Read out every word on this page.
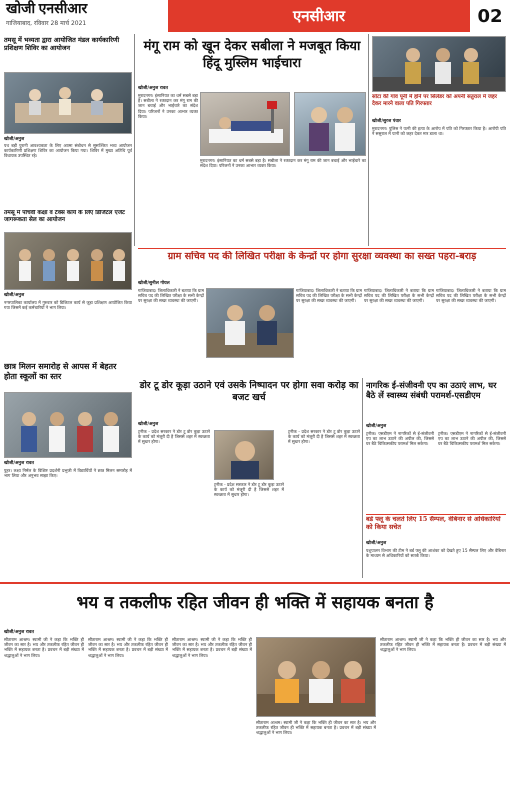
खोजी एनसीआर
गाजियाबाद, रविवार 28 मार्च 2021	एनसीआर	02
तमसू में भव्यता द्वारा आयोजित मंडल कार्यकारिणी प्रशिक्षण शिविर का आयोजन
खोजी/अनुज
पथ बड़ी पुरानी आवश्यकता के लिए आत्मा संबोधन से सुसज्जित भव्य आयोजन कार्यकारिणी प्रशिक्षण शिविर का आयोजन किया गया। शिविर में मुख्य अतिथि पूर्व विधायक उपस्थित रहे।
तमसू में पाँचवी कक्षा व टेक्स कार्य के लिए डिजिटल एजेंट जागरूकता सेल का आयोजन
मंगू राम को खून देकर सबीला ने मजबूत किया हिंदू मुस्लिम भाईचारा
खोजी/अनुज रावत
मुरादनगर। इंसानियत का धर्म सबसे बड़ा है। सबीला ने रक्तदान कर मंगू राम की जान बचाई और भाईचारे का संदेश दिया। परिजनों ने उनका आभार व्यक्त किया।
मुरादनगर। इंसानियत का धर्म सबसे बड़ा है। सबीला ने रक्तदान कर मंगू राम की जान बचाई और भाईचारे का संदेश दिया। परिजनों ने उनका आभार व्यक्त किया।
सोंटा की गांव पूनी में होने पर सिलेंडर को अपनी सतुराल में जहर देकर मारने वाला पति गिरफ्तार
खोजी/सुरज पंवार
मुरादनगर। पुलिस ने पत्नी की हत्या के आरोप में पति को गिरफ्तार किया है। आरोपी पति ने ससुराल में पत्नी को जहर देकर मार डाला था।
खोजी/अनुज
नगरपालिका कार्यालय में गुरुवार को डिजिटल कार्य से जुड़ा प्रशिक्षण आयोजित किया गया जिसमें कई कर्मचारियों ने भाग लिया।
ग्राम सचिव पद की लिखित परीक्षा के केन्द्रों पर होगा सुरक्षा व्यवस्था का सख्त पहरा-बराड़
खोजी/सुनील गोयल
गाजियाबाद। जिलाधिकारी ने बताया कि ग्राम सचिव पद की लिखित परीक्षा के सभी केन्द्रों पर सुरक्षा की सख्त व्यवस्था की जाएगी।
गाजियाबाद। जिलाधिकारी ने बताया कि ग्राम सचिव पद की लिखित परीक्षा के सभी केन्द्रों पर सुरक्षा की सख्त व्यवस्था की जाएगी।
गाजियाबाद। जिलाधिकारी ने बताया कि ग्राम सचिव पद की लिखित परीक्षा के सभी केन्द्रों पर सुरक्षा की सख्त व्यवस्था की जाएगी।
गाजियाबाद। जिलाधिकारी ने बताया कि ग्राम सचिव पद की लिखित परीक्षा के सभी केन्द्रों पर सुरक्षा की सख्त व्यवस्था की जाएगी।
छात्र मिलन समारोह से आपस में बेहतर होता स्कूलों का स्तर
खोजी/अनुज रावत
पुहर। लक्ष्य निर्मल के विशिष्ट प्रदर्शनी प्रभुजी में विद्यार्थियों ने छात्र मिलन समारोह में भाग लिया और अनुभव साझा किए।
डोर टू डोर कूड़ा उठाने एवं उसके निष्पादन पर होगा सवा करोड़ का बजट खर्च
खोजी/अनुज
ट्रनीक - प्रदेश सरकार ने डोर टू डोर कूड़ा उठाने के कार्य को मंजूरी दी है जिससे शहर में स्वच्छता में सुधार होगा।
ट्रनीक - प्रदेश सरकार ने डोर टू डोर कूड़ा उठाने के कार्य को मंजूरी दी है जिससे शहर में स्वच्छता में सुधार होगा।
ट्रनीक - प्रदेश सरकार ने डोर टू डोर कूड़ा उठाने के कार्य को मंजूरी दी है जिससे शहर में स्वच्छता में सुधार होगा।
नागरिक ई-संजीवनी एप का उठाएं लाभ, घर बैठे लें स्वास्थ्य संबंधी परामर्श-एसडीएम
खोजी/अनुज
ट्रनीक। एसडीएम ने नागरिकों से ई-संजीवनी एप का लाभ उठाने की अपील की, जिससे घर बैठे चिकित्सकीय परामर्श मिल सकेगा।
ट्रनीक। एसडीएम ने नागरिकों से ई-संजीवनी एप का लाभ उठाने की अपील की, जिससे घर बैठे चिकित्सकीय परामर्श मिल सकेगा।
बर्ड फ्लू के चलते लिए 15 सैम्पल, वेबिनार से अधिकारियों को किया सचेत
खोजी/अनुज
पशुपालन विभाग की टीम ने बर्ड फ्लू की आशंका को देखते हुए 15 सैम्पल लिए और वेबिनार के माध्यम से अधिकारियों को सतर्क किया।
भय व तकलीफ रहित जीवन ही भक्ति में सहायक बनता है
खोजी/अनुज रावत
सीताराम आश्रम। स्वामी जी ने कहा कि भक्ति ही जीवन का सार है। भय और तकलीफ रहित जीवन ही भक्ति में सहायक बनता है। प्रवचन में बड़ी संख्या में श्रद्धालुओं ने भाग लिया।
सीताराम आश्रम। स्वामी जी ने कहा कि भक्ति ही जीवन का सार है। भय और तकलीफ रहित जीवन ही भक्ति में सहायक बनता है। प्रवचन में बड़ी संख्या में श्रद्धालुओं ने भाग लिया।
सीताराम आश्रम। स्वामी जी ने कहा कि भक्ति ही जीवन का सार है। भय और तकलीफ रहित जीवन ही भक्ति में सहायक बनता है। प्रवचन में बड़ी संख्या में श्रद्धालुओं ने भाग लिया।
सीताराम आश्रम। स्वामी जी ने कहा कि भक्ति ही जीवन का सार है। भय और तकलीफ रहित जीवन ही भक्ति में सहायक बनता है। प्रवचन में बड़ी संख्या में श्रद्धालुओं ने भाग लिया।
सीताराम आश्रम। स्वामी जी ने कहा कि भक्ति ही जीवन का सार है। भय और तकलीफ रहित जीवन ही भक्ति में सहायक बनता है। प्रवचन में बड़ी संख्या में श्रद्धालुओं ने भाग लिया।
